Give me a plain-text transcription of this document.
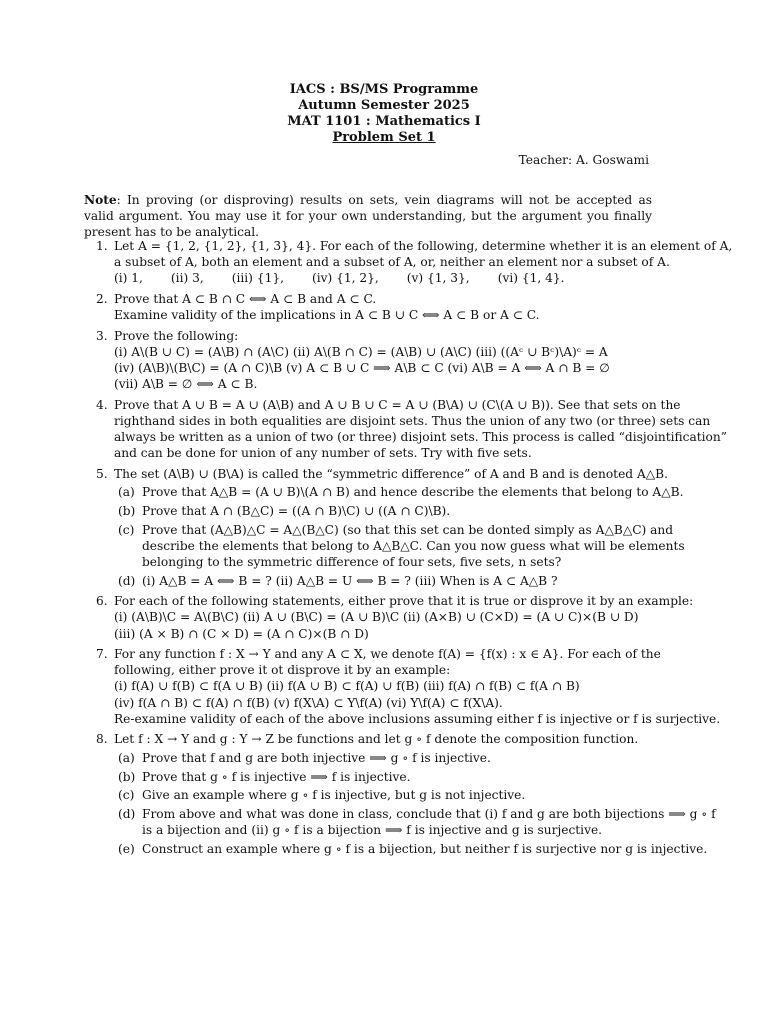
IACS : BS/MS Programme
Autumn Semester 2025
MAT 1101 : Mathematics I
Problem Set 1
Teacher: A. Goswami
Note: In proving (or disproving) results on sets, vein diagrams will not be accepted as valid argument. You may use it for your own understanding, but the argument you finally present has to be analytical.
1. Let A = {1, 2, {1, 2}, {1, 3}, 4}. For each of the following, determine whether it is an element of A,
a subset of A, both an element and a subset of A, or, neither an element nor a subset of A.
(i) 1, (ii) 3, (iii) {1}, (iv) {1, 2}, (v) {1, 3}, (vi) {1, 4}.
2. Prove that A ⊂ B ∩ C ⟺ A ⊂ B and A ⊂ C.
Examine validity of the implications in A ⊂ B ∪ C ⟺ A ⊂ B or A ⊂ C.
3. Prove the following:
(i) A\(B ∪ C) = (A\B) ∩ (A\C) (ii) A\(B ∩ C) = (A\B) ∪ (A\C) (iii) ((Aᶜ ∪ Bᶜ)\A)ᶜ = A
(iv) (A\B)\(B\C) = (A ∩ C)\B (v) A ⊂ B ∪ C ⟹ A\B ⊂ C (vi) A\B = A ⟺ A ∩ B = ∅
(vii) A\B = ∅ ⟺ A ⊂ B.
4. Prove that A ∪ B = A ∪ (A\B) and A ∪ B ∪ C = A ∪ (B\A) ∪ (C\(A ∪ B)). See that sets on the
righthand sides in both equalities are disjoint sets. Thus the union of any two (or three) sets can
always be written as a union of two (or three) disjoint sets. This process is called “disjointification”
and can be done for union of any number of sets. Try with five sets.
5. The set (A\B) ∪ (B\A) is called the “symmetric difference” of A and B and is denoted A△B.
(a) Prove that A△B = (A ∪ B)\(A ∩ B) and hence describe the elements that belong to A△B.
(b) Prove that A ∩ (B△C) = ((A ∩ B)\C) ∪ ((A ∩ C)\B).
(c) Prove that (A△B)△C = A△(B△C) (so that this set can be donted simply as A△B△C) and
describe the elements that belong to A△B△C. Can you now guess what will be elements
belonging to the symmetric difference of four sets, five sets, n sets?
(d) (i) A△B = A ⟺ B = ? (ii) A△B = U ⟺ B = ? (iii) When is A ⊂ A△B ?
6. For each of the following statements, either prove that it is true or disprove it by an example:
(i) (A\B)\C = A\(B\C) (ii) A ∪ (B\C) = (A ∪ B)\C (ii) (A×B) ∪ (C×D) = (A ∪ C)×(B ∪ D)
(iii) (A × B) ∩ (C × D) = (A ∩ C)×(B ∩ D)
7. For any function f : X → Y and any A ⊂ X, we denote f(A) = {f(x) : x ∈ A}. For each of the
following, either prove it ot disprove it by an example:
(i) f(A) ∪ f(B) ⊂ f(A ∪ B) (ii) f(A ∪ B) ⊂ f(A) ∪ f(B) (iii) f(A) ∩ f(B) ⊂ f(A ∩ B)
(iv) f(A ∩ B) ⊂ f(A) ∩ f(B) (v) f(X\A) ⊂ Y\f(A) (vi) Y\f(A) ⊂ f(X\A).
Re-examine validity of each of the above inclusions assuming either f is injective or f is surjective.
8. Let f : X → Y and g : Y → Z be functions and let g ∘ f denote the composition function.
(a) Prove that f and g are both injective ⟹ g ∘ f is injective.
(b) Prove that g ∘ f is injective ⟹ f is injective.
(c) Give an example where g ∘ f is injective, but g is not injective.
(d) From above and what was done in class, conclude that (i) f and g are both bijections ⟹ g ∘ f
is a bijection and (ii) g ∘ f is a bijection ⟹ f is injective and g is surjective.
(e) Construct an example where g ∘ f is a bijection, but neither f is surjective nor g is injective.
